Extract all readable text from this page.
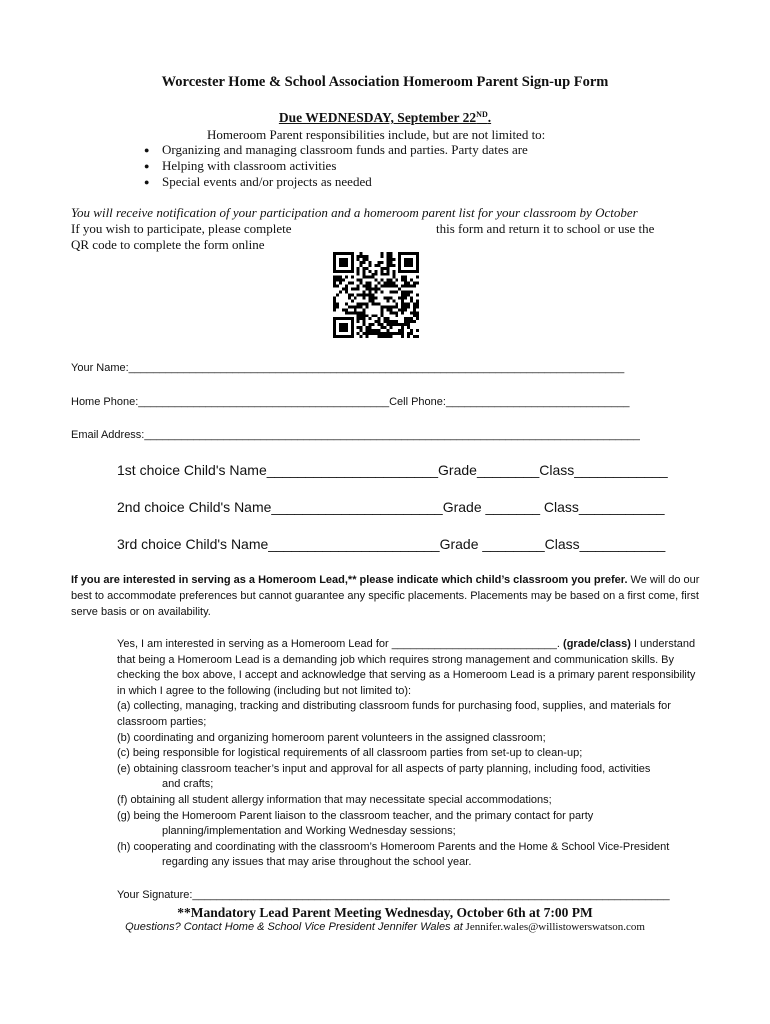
Worcester Home & School Association Homeroom Parent Sign-up Form
Due WEDNESDAY, September 22ND.
Homeroom Parent responsibilities include, but are not limited to:
● Organizing and managing classroom funds and parties. Party dates are
● Helping with classroom activities
● Special events and/or projects as needed
You will receive notification of your participation and a homeroom parent list for your classroom by October
If you wish to participate, please complete	this form and return it to school or use the
QR code to complete the form online
Your Name:_________________________________________________________________________________
Home Phone:_________________________________________Cell Phone:______________________________
Email Address:_________________________________________________________________________________
1st choice Child's Name______________________Grade________Class____________
2nd choice Child's Name______________________Grade _______ Class___________
3rd choice Child's Name______________________Grade ________Class___________
If you are interested in serving as a Homeroom Lead,** please indicate which child’s classroom you prefer. We will do our best to accommodate preferences but cannot guarantee any specific placements. Placements may be based on a first come, first serve basis or on availability.
Yes, I am interested in serving as a Homeroom Lead for ___________________________. (grade/class) I understand that being a Homeroom Lead is a demanding job which requires strong management and communication skills. By checking the box above, I accept and acknowledge that serving as a Homeroom Lead is a primary parent responsibility in which I agree to the following (including but not limited to):
(a) collecting, managing, tracking and distributing classroom funds for purchasing food, supplies, and materials for classroom parties;
(b) coordinating and organizing homeroom parent volunteers in the assigned classroom;
(c) being responsible for logistical requirements of all classroom parties from set-up to clean-up;
(e) obtaining classroom teacher’s input and approval for all aspects of party planning, including food, activities
and crafts;
(f) obtaining all student allergy information that may necessitate special accommodations;
(g) being the Homeroom Parent liaison to the classroom teacher, and the primary contact for party
planning/implementation and Working Wednesday sessions;
(h) cooperating and coordinating with the classroom’s Homeroom Parents and the Home & School Vice-President
regarding any issues that may arise throughout the school year.
Your Signature:______________________________________________________________________________
**Mandatory Lead Parent Meeting Wednesday, October 6th at 7:00 PM
Questions? Contact Home & School Vice President Jennifer Wales at Jennifer.wales@willistowerswatson.com
